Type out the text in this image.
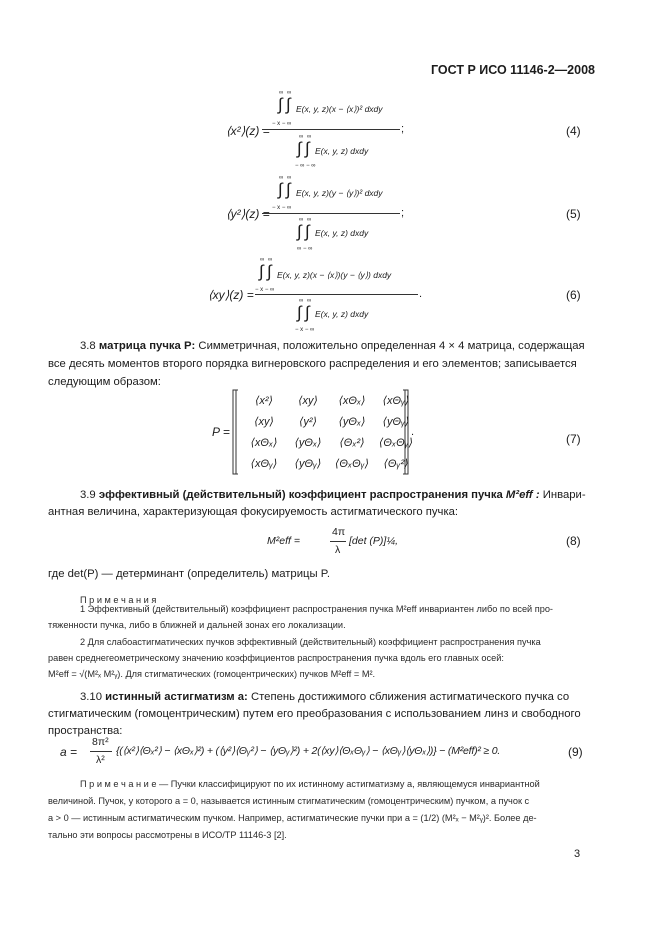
ГОСТ Р ИСО 11146-2—2008
⟨x²⟩(z) =
∫ ∫
∞ ∞
− x − ∞
E(x, y, z)(x − ⟨x⟩)² dxdy
;
∫ ∫
∞ ∞
− ∞ − ∞
E(x, y, z) dxdy
(4)
⟨y²⟩(z) =
∫ ∫
∞ ∞
− x − ∞
E(x, y, z)(y − ⟨y⟩)² dxdy
;
∫ ∫
∞ ∞
∞ − ∞
E(x, y, z) dxdy
(5)
⟨xy⟩(z) =
∫ ∫
∞ ∞
− x − ∞
E(x, y, z)(x − ⟨x⟩)(y − ⟨y⟩) dxdy
.
∫ ∫
∞ ∞
− x − ∞
E(x, y, z) dxdy
(6)
3.8 матрица пучка P: Симметричная, положительно определенная 4 × 4 матрица, содержащая
все десять моментов второго порядка вигнеровского распределения и его элементов; записывается
следующим образом:
P =
⟨x²⟩	⟨xy⟩	⟨xΘₓ⟩	⟨xΘᵧ⟩
⟨xy⟩	⟨y²⟩	⟨yΘₓ⟩	⟨yΘᵧ⟩
⟨xΘₓ⟩	⟨yΘₓ⟩	⟨Θₓ²⟩	⟨ΘₓΘᵧ⟩
⟨xΘᵧ⟩	⟨yΘᵧ⟩	⟨ΘₓΘᵧ⟩	⟨Θᵧ²⟩
.	(7)
3.9 эффективный (действительный) коэффициент распространения пучка M²eff : Инвари-
антная величина, характеризующая фокусируемость астигматического пучка:
M²eff =
4π
λ
[det (P)]¼,	(8)
где det(P) — детерминант (определитель) матрицы P.
П р и м е ч а н и я
1 Эффективный (действительный) коэффициент распространения пучка M²eff инвариантен либо по всей про-
тяженности пучка, либо в ближней и дальней зонах его локализации.
2 Для слабоастигматических пучков эффективный (действительный) коэффициент распространения пучка
равен среднегеометрическому значению коэффициентов распространения пучка вдоль его главных осей:
M²eff = √(M²ₓ M²ᵧ). Для стигматических (гомоцентрических) пучков M²eff = M².
3.10 истинный астигматизм a: Степень достижимого сближения астигматического пучка со
стигматическим (гомоцентрическим) путем его преобразования с использованием линз и свободного
пространства:
a =
8π²
λ²
{(⟨x²⟩⟨Θₓ²⟩ − ⟨xΘₓ⟩²) + (⟨y²⟩⟨Θᵧ²⟩ − ⟨yΘᵧ⟩²) + 2(⟨xy⟩⟨ΘₓΘᵧ⟩ − ⟨xΘᵧ⟩⟨yΘₓ⟩)} − (M²eff)² ≥ 0.	(9)
П р и м е ч а н и е — Пучки классифицируют по их истинному астигматизму a, являющемуся инвариантной
величиной. Пучок, у которого a = 0, называется истинным стигматическим (гомоцентрическим) пучком, а пучок с
a > 0 — истинным астигматическим пучком. Например, астигматические пучки при a = (1/2) (M²ₓ − M²ᵧ)². Более де-
тально эти вопросы рассмотрены в ИСО/ТР 11146-3 [2].
3
